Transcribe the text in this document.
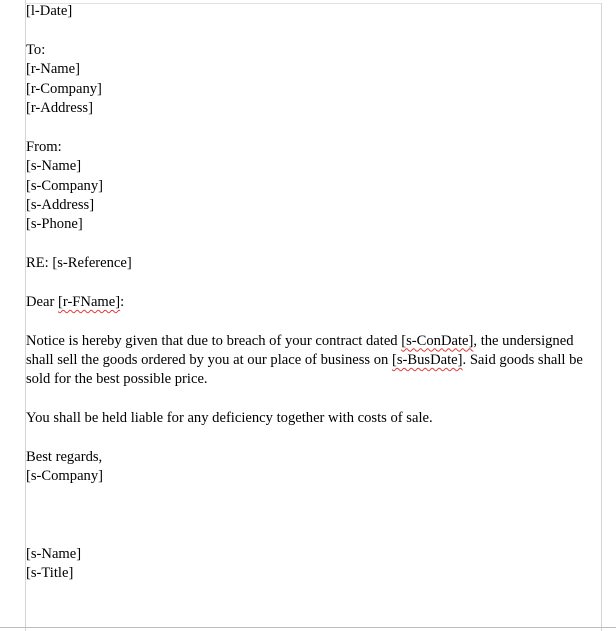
[l-Date]
To:
[r-Name]
[r-Company]
[r-Address]
From:
[s-Name]
[s-Company]
[s-Address]
[s-Phone]
RE: [s-Reference]
Dear [r-FName]:
Notice is hereby given that due to breach of your contract dated [s-ConDate], the undersigned shall sell the goods ordered by you at our place of business on [s-BusDate]. Said goods shall be sold for the best possible price.
You shall be held liable for any deficiency together with costs of sale.
Best regards,
[s-Company]
[s-Name]
[s-Title]
